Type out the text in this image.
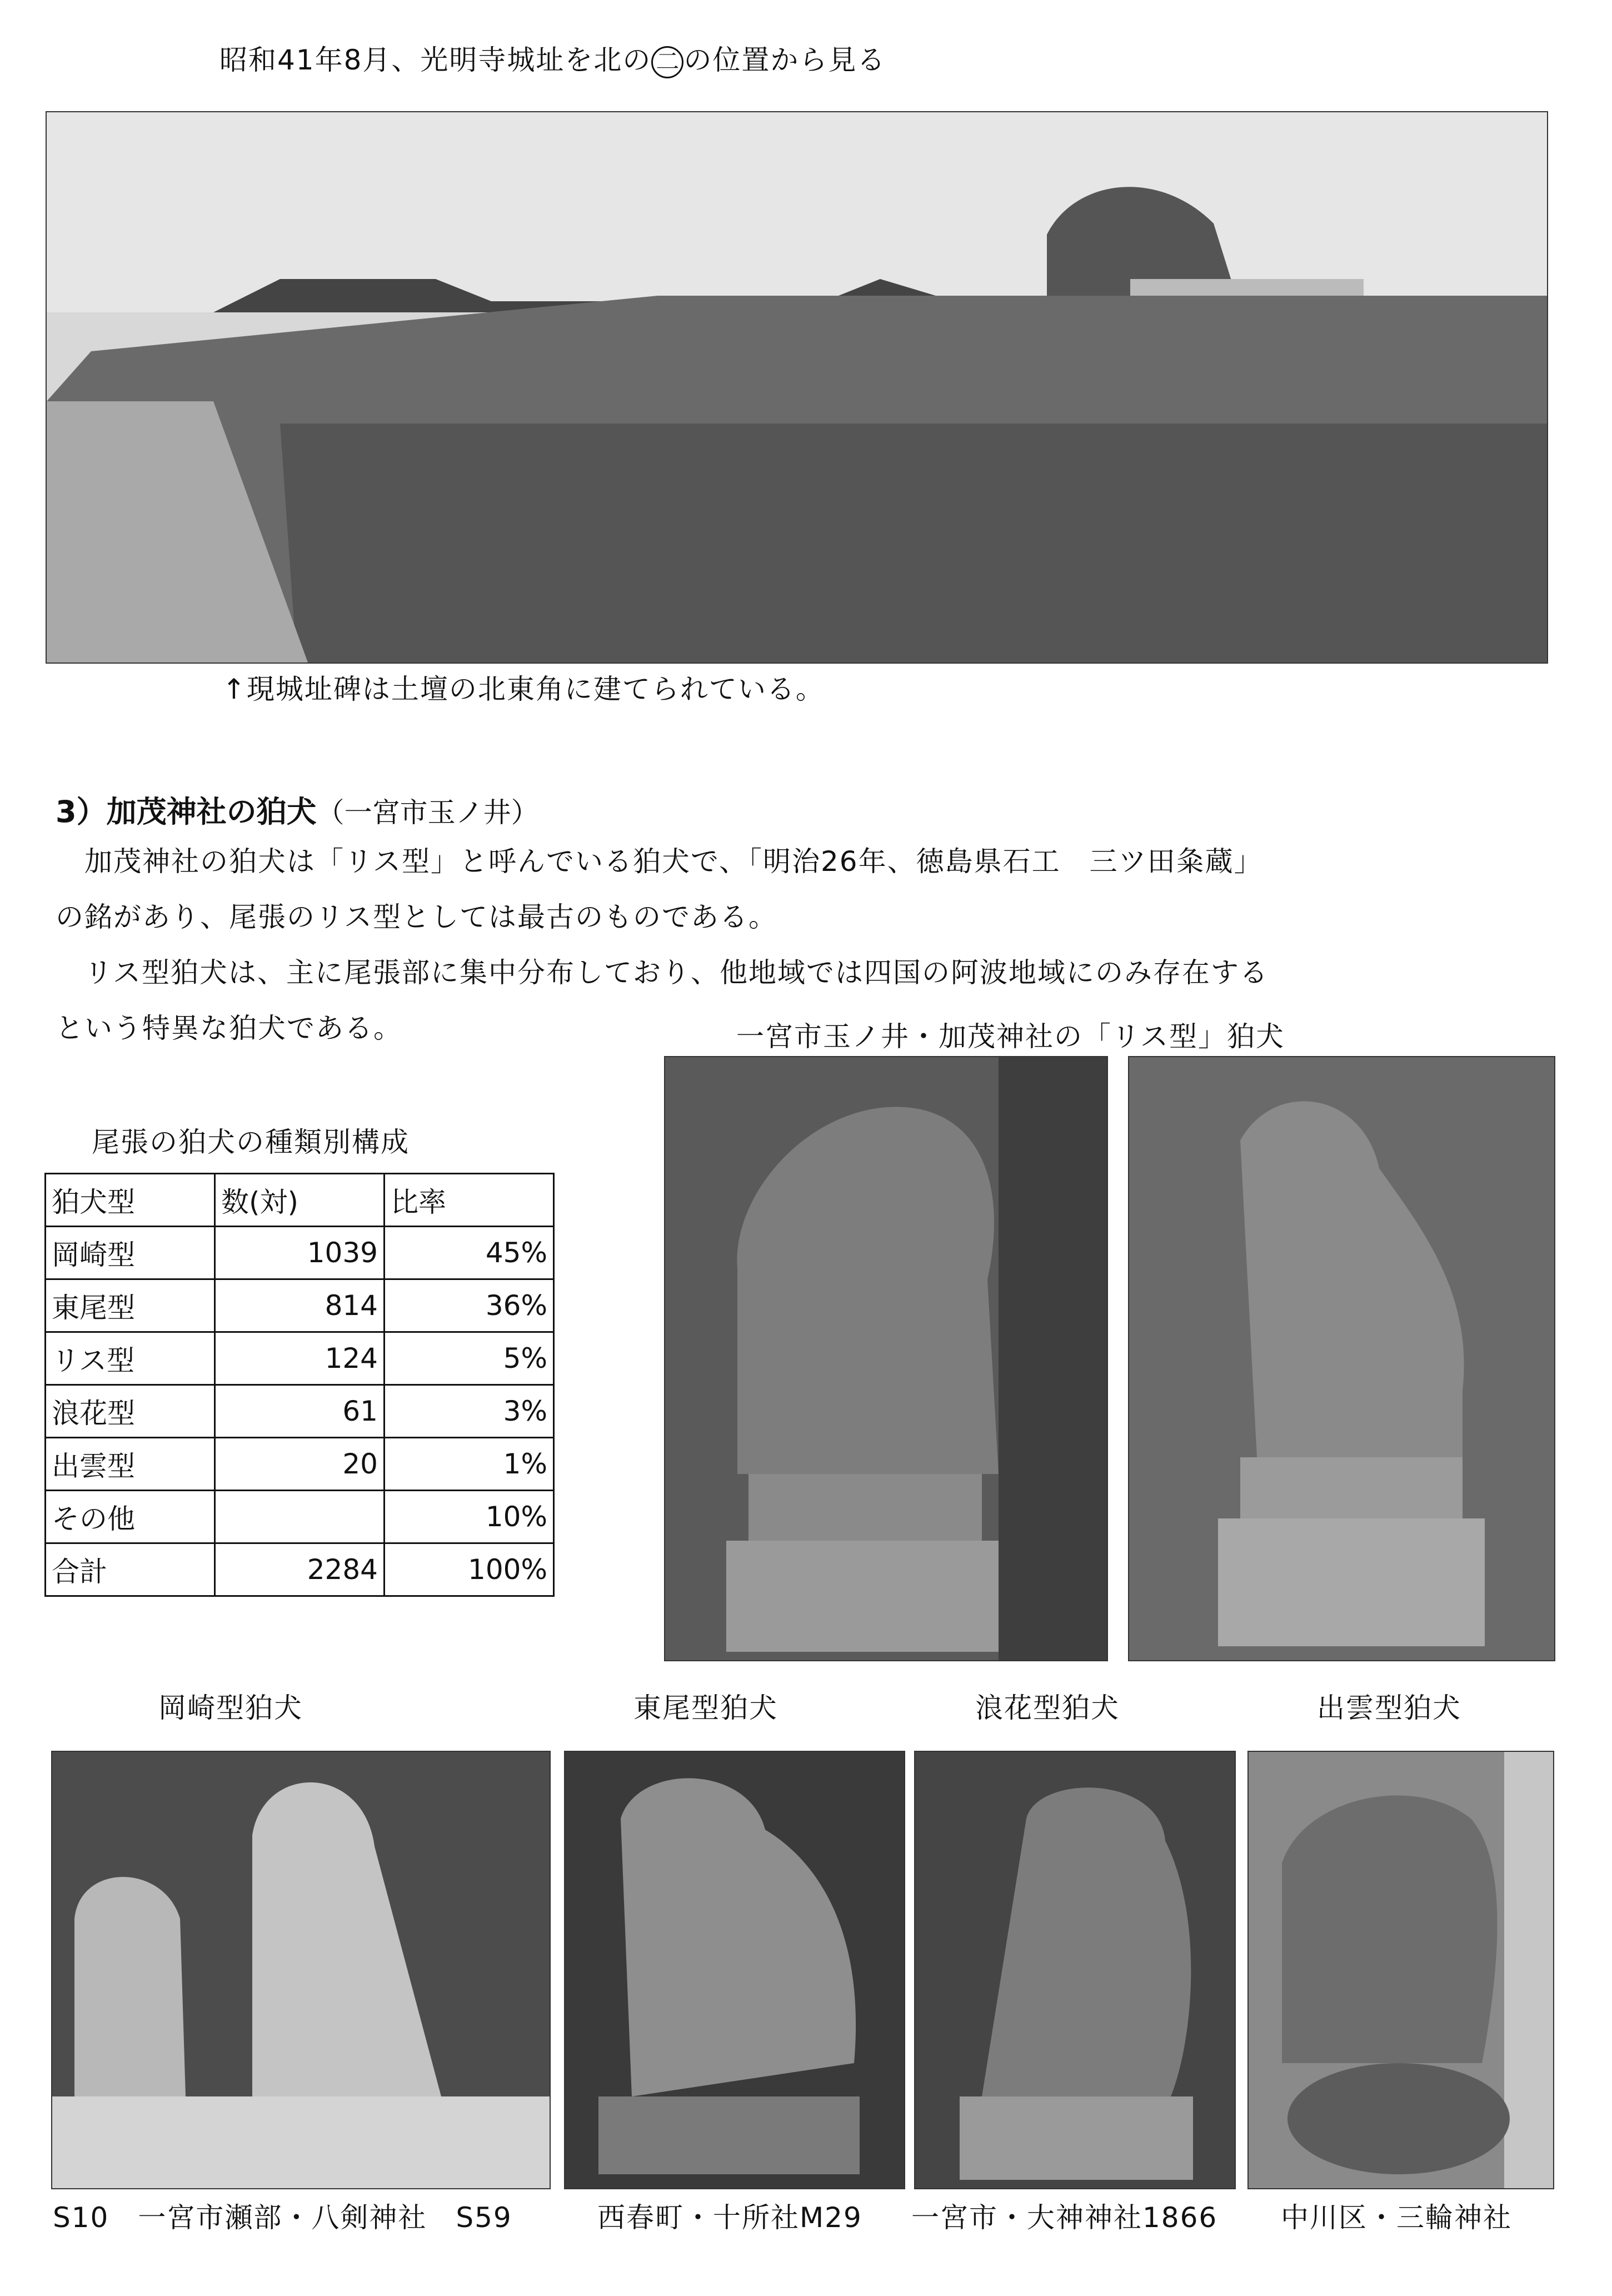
昭和41年8月、光明寺城址を北の 二 の位置から見る
↑現城址碑は土壇の北東角に建てられている。
3）加茂神社の狛犬（一宮市玉ノ井）
　加茂神社の狛犬は「リス型」と呼んでいる狛犬で、「明治26年、徳島県石工　三ツ田粂蔵」
の銘があり、尾張のリス型としては最古のものである。
　リス型狛犬は、主に尾張部に集中分布しており、他地域では四国の阿波地域にのみ存在する
という特異な狛犬である。	一宮市玉ノ井・加茂神社の「リス型」狛犬
尾張の狛犬の種類別構成
狛犬型	数(対)	比率
岡崎型	1039	45%
東尾型	814	36%
リス型	124	5%
浪花型	61	3%
出雲型	20	1%
その他		10%
合計	2284	100%
岡崎型狛犬	東尾型狛犬	浪花型狛犬	出雲型狛犬
S10　一宮市瀬部・八剣神社　S59	西春町・十所社M29 一宮市・大神神社1866 中川区・三輪神社
